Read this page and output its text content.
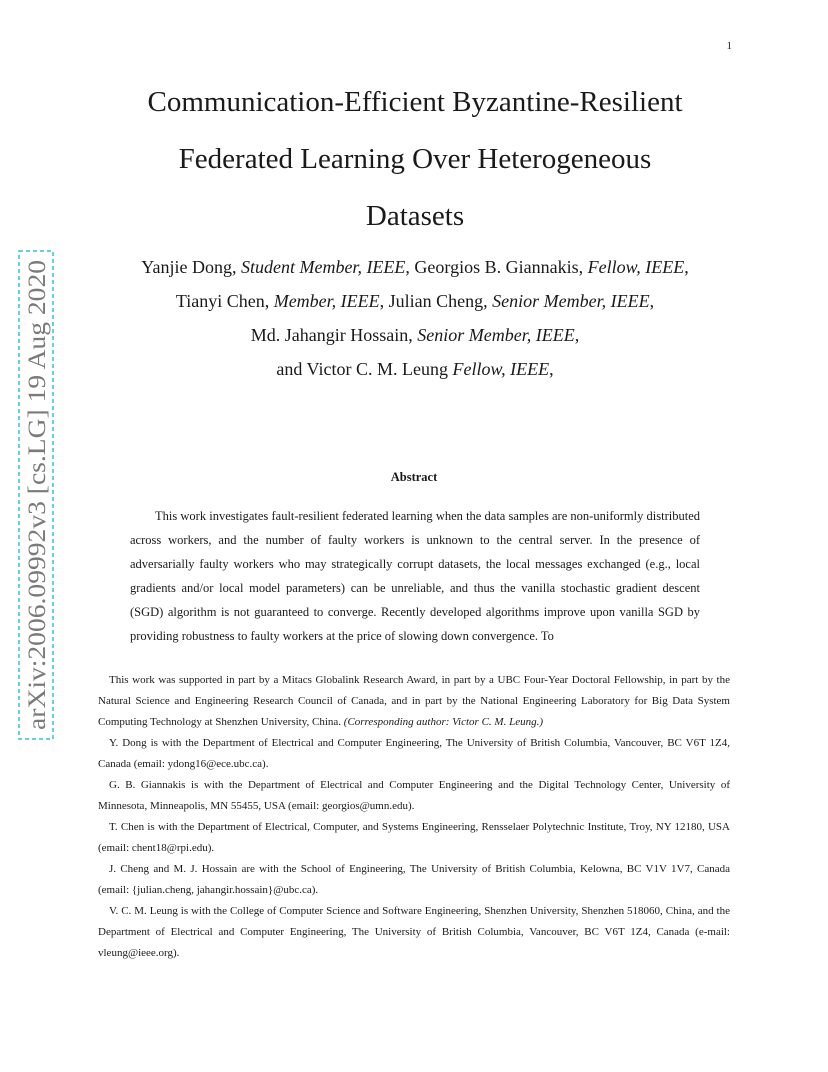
1
arXiv:2006.09992v3 [cs.LG] 19 Aug 2020
Communication-Efficient Byzantine-Resilient
Federated Learning Over Heterogeneous
Datasets
Yanjie Dong, Student Member, IEEE, Georgios B. Giannakis, Fellow, IEEE,
Tianyi Chen, Member, IEEE, Julian Cheng, Senior Member, IEEE,
Md. Jahangir Hossain, Senior Member, IEEE,
and Victor C. M. Leung Fellow, IEEE,
Abstract

This work investigates fault-resilient federated learning when the data samples are non-uniformly distributed across workers, and the number of faulty workers is unknown to the central server. In the presence of adversarially faulty workers who may strategically corrupt datasets, the local messages exchanged (e.g., local gradients and/or local model parameters) can be unreliable, and thus the vanilla stochastic gradient descent (SGD) algorithm is not guaranteed to converge. Recently developed algorithms improve upon vanilla SGD by providing robustness to faulty workers at the price of slowing down convergence. To

This work was supported in part by a Mitacs Globalink Research Award, in part by a UBC Four-Year Doctoral Fellowship, in part by the Natural Science and Engineering Research Council of Canada, and in part by the National Engineering Laboratory for Big Data System Computing Technology at Shenzhen University, China. (Corresponding author: Victor C. M. Leung.)

Y. Dong is with the Department of Electrical and Computer Engineering, The University of British Columbia, Vancouver, BC V6T 1Z4, Canada (email: ydong16@ece.ubc.ca).

G. B. Giannakis is with the Department of Electrical and Computer Engineering and the Digital Technology Center, University of Minnesota, Minneapolis, MN 55455, USA (email: georgios@umn.edu).

T. Chen is with the Department of Electrical, Computer, and Systems Engineering, Rensselaer Polytechnic Institute, Troy, NY 12180, USA (email: chent18@rpi.edu).

J. Cheng and M. J. Hossain are with the School of Engineering, The University of British Columbia, Kelowna, BC V1V 1V7, Canada (email: {julian.cheng, jahangir.hossain}@ubc.ca).

V. C. M. Leung is with the College of Computer Science and Software Engineering, Shenzhen University, Shenzhen 518060, China, and the Department of Electrical and Computer Engineering, The University of British Columbia, Vancouver, BC V6T 1Z4, Canada (e-mail: vleung@ieee.org).
